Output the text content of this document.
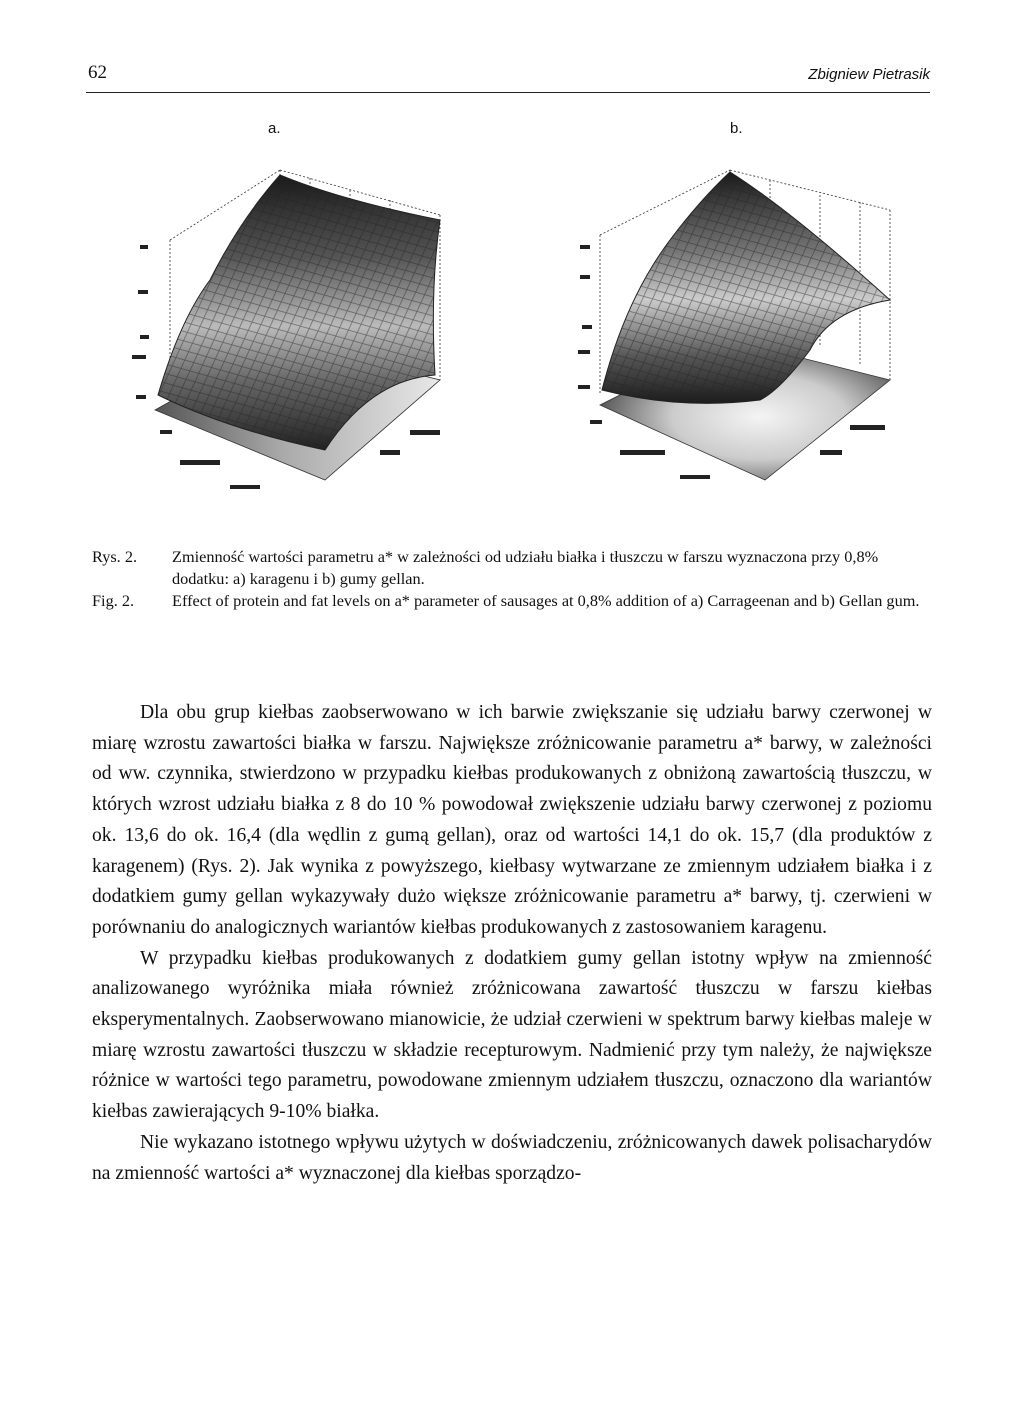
62	Zbigniew Pietrasik
a.	b.
Rys. 2. Zmienność wartości parametru a* w zależności od udziału białka i tłuszczu w farszu wyznaczona przy 0,8% dodatku: a) karagenu i b) gumy gellan.
Fig. 2. Effect of protein and fat levels on a* parameter of sausages at 0,8% addition of a) Carrageenan and b) Gellan gum.

Dla obu grup kiełbas zaobserwowano w ich barwie zwiększanie się udziału barwy czerwonej w miarę wzrostu zawartości białka w farszu. Największe zróżnicowanie parametru a* barwy, w zależności od ww. czynnika, stwierdzono w przypadku kiełbas produkowanych z obniżoną zawartością tłuszczu, w których wzrost udziału białka z 8 do 10 % powodował zwiększenie udziału barwy czerwonej z poziomu ok. 13,6 do ok. 16,4 (dla wędlin z gumą gellan), oraz od wartości 14,1 do ok. 15,7 (dla produktów z karagenem) (Rys. 2). Jak wynika z powyższego, kiełbasy wytwarzane ze zmiennym udziałem białka i z dodatkiem gumy gellan wykazywały dużo większe zróżnicowanie parametru a* barwy, tj. czerwieni w porównaniu do analogicznych wariantów kiełbas produkowanych z zastosowaniem karagenu.

W przypadku kiełbas produkowanych z dodatkiem gumy gellan istotny wpływ na zmienność analizowanego wyróżnika miała również zróżnicowana zawartość tłuszczu w farszu kiełbas eksperymentalnych. Zaobserwowano mianowicie, że udział czerwieni w spektrum barwy kiełbas maleje w miarę wzrostu zawartości tłuszczu w składzie recepturowym. Nadmienić przy tym należy, że największe różnice w wartości tego parametru, powodowane zmiennym udziałem tłuszczu, oznaczono dla wariantów kiełbas zawierających 9-10% białka.

Nie wykazano istotnego wpływu użytych w doświadczeniu, zróżnicowanych dawek polisacharydów na zmienność wartości a* wyznaczonej dla kiełbas sporządzo-
